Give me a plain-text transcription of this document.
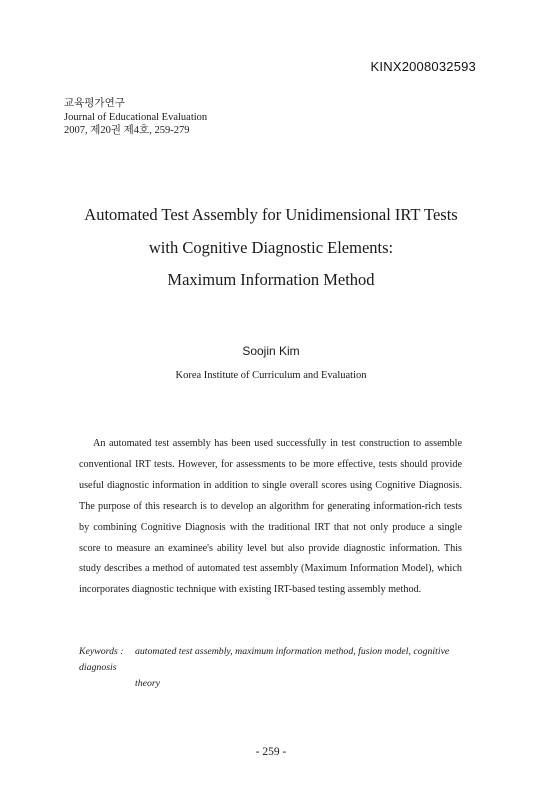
KINX2008032593
교육평가연구
Journal of Educational Evaluation
2007, 제20권 제4호, 259-279
Automated Test Assembly for Unidimensional IRT Tests
with Cognitive Diagnostic Elements:
Maximum Information Method
Soojin Kim
Korea Institute of Curriculum and Evaluation

An automated test assembly has been used successfully in test construction to assemble conventional IRT tests. However, for assessments to be more effective, tests should provide useful diagnostic information in addition to single overall scores using Cognitive Diagnosis. The purpose of this research is to develop an algorithm for generating information-rich tests by combining Cognitive Diagnosis with the traditional IRT that not only produce a single score to measure an examinee's ability level but also provide diagnostic information. This study describes a method of automated test assembly (Maximum Information Model), which incorporates diagnostic technique with existing IRT-based testing assembly method.

Keywords : automated test assembly, maximum information method, fusion model, cognitive diagnosis
theory
- 259 -
